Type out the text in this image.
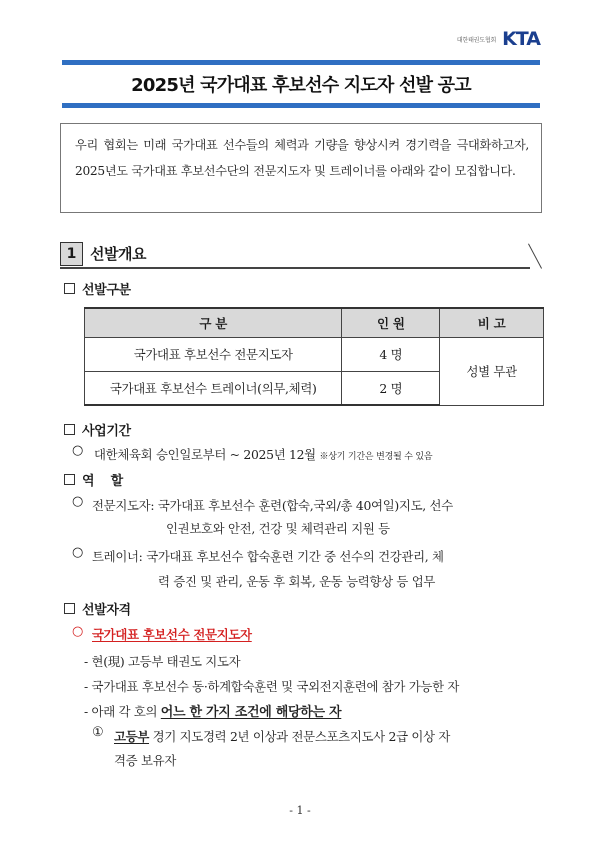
대한태권도협회 KTA
2025년 국가대표 후보선수 지도자 선발 공고
우리 협회는 미래 국가대표 선수들의 체력과 기량을 향상시켜 경기력을 극대화하고자, 2025년도 국가대표 후보선수단의 전문지도자 및 트레이너를 아래와 같이 모집합니다.
1 선발개요
선발구분
구 분	인 원	비 고
국가대표 후보선수 전문지도자	4 명	성별 무관
국가대표 후보선수 트레이너(의무,체력)	2 명	
사업기간
○ 대한체육회 승인일로부터 ~ 2025년 12월 ※상기 기간은 변경될 수 있음
역    할
○ 전문지도자: 국가대표 후보선수 훈련(합숙,국외/총 40여일)지도, 선수
인권보호와 안전, 건강 및 체력관리 지원 등
○ 트레이너: 국가대표 후보선수 합숙훈련 기간 중 선수의 건강관리, 체
력 증진 및 관리, 운동 후 회복, 운동 능력향상 등 업무
선발자격
○ 국가대표 후보선수 전문지도자
- 현(現) 고등부 태권도 지도자
- 국가대표 후보선수 동·하계합숙훈련 및 국외전지훈련에 참가 가능한 자
- 아래 각 호의 어느 한 가지 조건에 해당하는 자
① 고등부 경기 지도경력 2년 이상과 전문스포츠지도사 2급 이상 자
격증 보유자
- 1 -
